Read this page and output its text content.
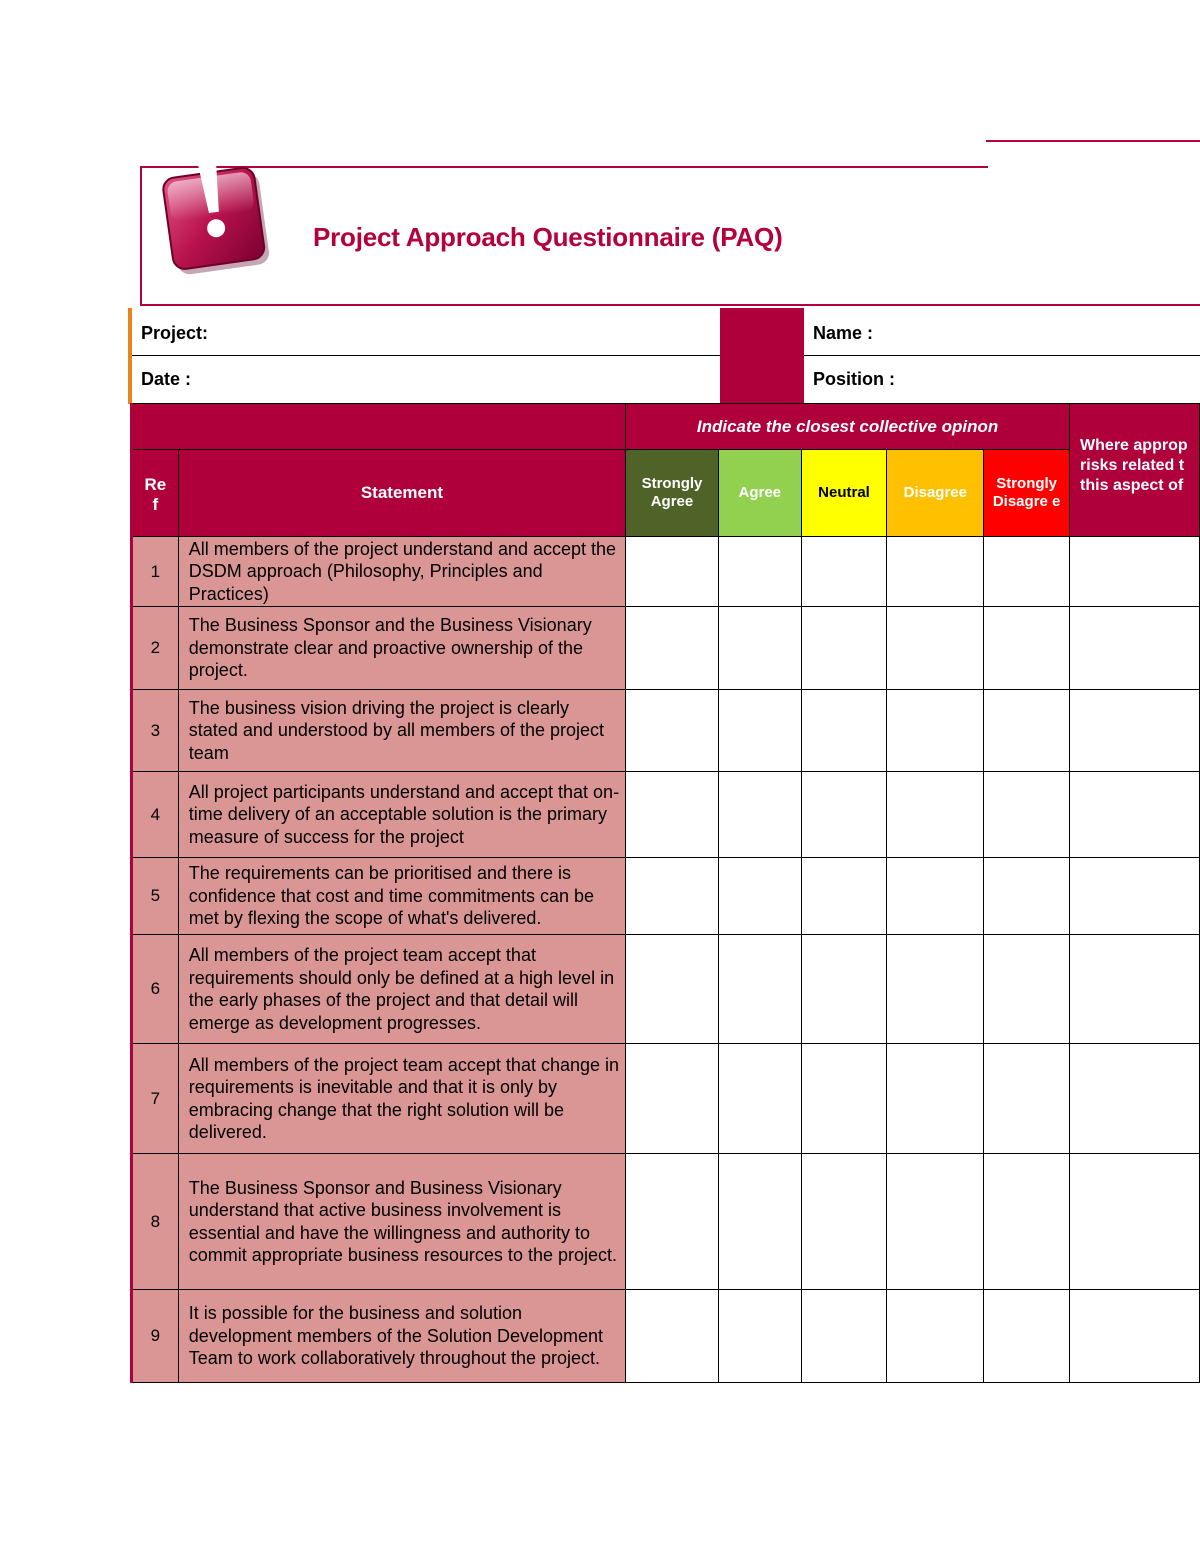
Project Approach Questionnaire (PAQ)
Project:
Date :
Name :
Position :
		Indicate the closest collective opinon					Where approp
risks related t
this aspect of

Re f	Statement	Strongly Agree	Agree	Neutral	Disagree	Strongly Disagre e	
1	All members of the project understand and accept the DSDM approach (Philosophy, Principles and Practices)						
2	The Business Sponsor and the Business Visionary demonstrate clear and proactive ownership of the project.						
3	The business vision driving the project is clearly stated and understood by all members of the project team						
4	All project participants understand and accept that on-time delivery of an acceptable solution is the primary measure of success for the project						
5	The requirements can be prioritised and there is confidence that cost and time commitments can be met by flexing the scope of what's delivered.						
6	All members of the project team accept that requirements should only be defined at a high level in the early phases of the project and that detail will emerge as development progresses.						
7	All members of the project team accept that change in requirements is inevitable and that it is only by embracing change that the right solution will be delivered.						
8	The Business Sponsor and Business Visionary understand that active business involvement is essential and have the willingness and authority to commit appropriate business resources to the project.						
9	It is possible for the business and solution development members of the Solution Development Team to work collaboratively throughout the project.						
